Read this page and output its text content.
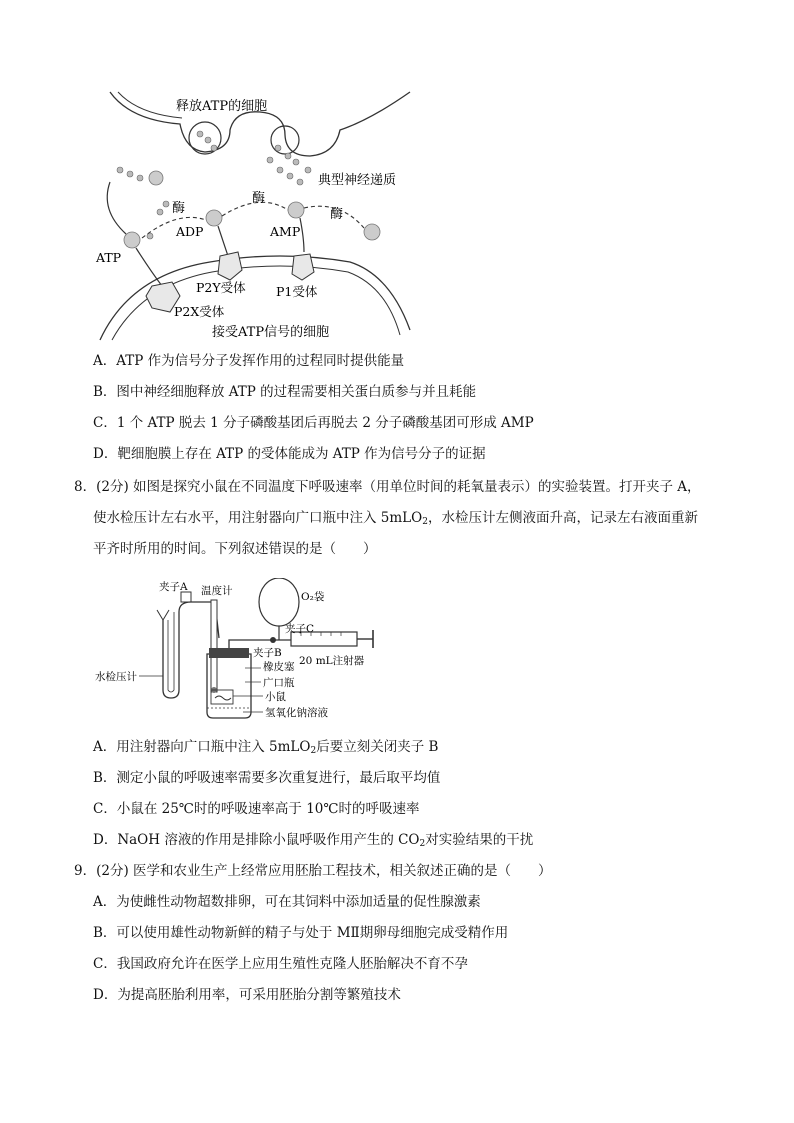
释放ATP的细胞
典型神经递质
酶
酶
酶
ADP	AMP
ATP
P2Y受体 P1受体
P2X受体
接受ATP信号的细胞
A．ATP 作为信号分子发挥作用的过程同时提供能量
B．图中神经细胞释放 ATP 的过程需要相关蛋白质参与并且耗能
C．1 个 ATP 脱去 1 分子磷酸基团后再脱去 2 分子磷酸基团可形成 AMP
D．靶细胞膜上存在 ATP 的受体能成为 ATP 作为信号分子的证据
8．(2分) 如图是探究小鼠在不同温度下呼吸速率（用单位时间的耗氧量表示）的实验装置。打开夹子 A，
使水检压计左右水平，用注射器向广口瓶中注入 5mLO$_2$，水检压计左侧液面升高，记录左右液面重新
平齐时所用的时间。下列叙述错误的是（　　）
夹子A 温度计	O₂袋
夹子C
夹子B
20 mL注射器
橡皮塞
水检压计	广口瓶
小鼠
氢氧化钠溶液
A．用注射器向广口瓶中注入 5mLO$_2$后要立刻关闭夹子 B
B．测定小鼠的呼吸速率需要多次重复进行，最后取平均值
C．小鼠在 25℃时的呼吸速率高于 10℃时的呼吸速率
D．NaOH 溶液的作用是排除小鼠呼吸作用产生的 $CO_2$对实验结果的干扰
9．(2分) 医学和农业生产上经常应用胚胎工程技术，相关叙述正确的是（　　）
A．为使雌性动物超数排卵，可在其饲料中添加适量的促性腺激素
B．可以使用雄性动物新鲜的精子与处于 MⅡ期卵母细胞完成受精作用
C．我国政府允许在医学上应用生殖性克隆人胚胎解决不育不孕
D．为提高胚胎利用率，可采用胚胎分割等繁殖技术
